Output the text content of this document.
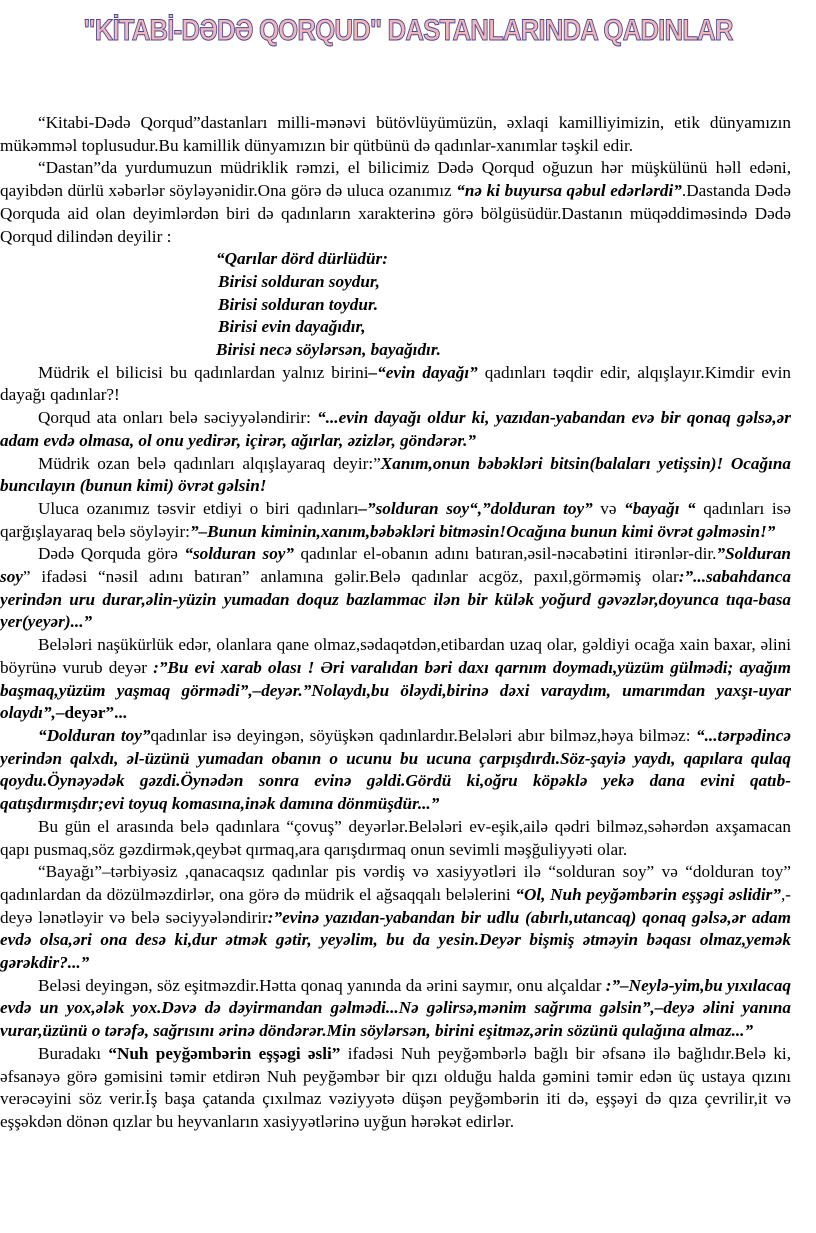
"KİTABİ-DƏDƏ QORQUD" DASTANLARINDA QADINLAR

“Kitabi-Dədə Qorqud”dastanları milli-mənəvi bütövlüyümüzün, əxlaqi kamilliyimizin, etik dünyamızın mükəmməl toplusudur.Bu kamillik dünyamızın bir qütbünü də qadınlar-xanımlar təşkil edir.

“Dastan”da yurdumuzun müdriklik rəmzi, el bilicimiz Dədə Qorqud oğuzun hər müşkülünü həll edəni, qayibdən dürlü xəbərlər söyləyənidir.Ona görə də uluca ozanımız “nə ki buyursa qəbul edərlərdi”.Dastanda Dədə Qorquda aid olan deyimlərdən biri də qadınların xarakterinə görə bölgüsüdür.Dastanın müqəddiməsində Dədə Qorqud dilindən deyilir :

“Qarılar dörd dürlüdür:
Birisi solduran soydur,
Birisi solduran toydur.
Birisi evin dayağıdır,
Birisi necə söylərsən, bayağıdır.

Müdrik el bilicisi bu qadınlardan yalnız birini–“evin dayağı” qadınları təqdir edir, alqışlayır.Kimdir evin dayağı qadınlar?!

Qorqud ata onları belə səciyyələndirir: “...evin dayağı oldur ki, yazıdan-yabandan evə bir qonaq gəlsə,ər adam evdə olmasa, ol onu yedirər, içirər, ağırlar, əzizlər, göndərər.”

Müdrik ozan belə qadınları alqışlayaraq deyir:”Xanım,onun bəbəkləri bitsin(balaları yetişsin)! Ocağına buncılayın (bunun kimi) övrət gəlsin!

Uluca ozanımız təsvir etdiyi o biri qadınları–”solduran soy“,”dolduran toy” və “bayağı “ qadınları isə qarğışlayaraq belə söyləyir:”–Bunun kiminin,xanım,bəbəkləri bitməsin!Ocağına bunun kimi övrət gəlməsin!”

Dədə Qorquda görə “solduran soy” qadınlar el-obanın adını batıran,əsil-nəcabətini itirənlər-dir.”Solduran soy” ifadəsi “nəsil adını batıran” anlamına gəlir.Belə qadınlar acgöz, paxıl,görməmiş olar:”...sabahdanca yerindən uru durar,əlin-yüzin yumadan doquz bazlammac ilən bir külək yoğurd gəvəzlər,doyunca tıqa-basa yer(yeyər)...”

Belələri naşükürlük edər, olanlara qane olmaz,sədaqətdən,etibardan uzaq olar, gəldiyi ocağa xain baxar, əlini böyrünə vurub deyər :”Bu evi xarab olası ! Əri varalıdan bəri daxı qarnım doymadı,yüzüm gülmədi; ayağım başmaq,yüzüm yaşmaq görmədi”,–deyər.”Nolaydı,bu öləydi,birinə dəxi varaydım, umarımdan yaxşı-uyar olaydı”,–deyər”...

“Dolduran toy”qadınlar isə deyingən, söyüşkən qadınlardır.Belələri abır bilməz,həya bilməz: “...tərpədincə yerindən qalxdı, əl-üzünü yumadan obanın o ucunu bu ucuna çarpışdırdı.Söz-şayiə yaydı, qapılara qulaq qoydu.Öynəyədək gəzdi.Öynədən sonra evinə gəldi.Gördü ki,oğru köpəklə yekə dana evini qatıb-qatışdırmışdır;evi toyuq komasına,inək damına dönmüşdür...”

Bu gün el arasında belə qadınlara “çovuş” deyərlər.Belələri ev-eşik,ailə qədri bilməz,səhərdən axşamacan qapı pusmaq,söz gəzdirmək,qeybət qırmaq,ara qarışdırmaq onun sevimli məşğuliyyəti olar.

“Bayağı”–tərbiyəsiz ,qanacaqsız qadınlar pis vərdiş və xasiyyətləri ilə “solduran soy” və “dolduran toy” qadınlardan da dözülməzdirlər, ona görə də müdrik el ağsaqqalı beləlerini “Ol, Nuh peyğəmbərin eşşəgi əslidir”,-deyə lənətləyir və belə səciyyələndirir:”evinə yazıdan-yabandan bir udlu (abırlı,utancaq) qonaq gəlsə,ər adam evdə olsa,əri ona desə ki,dur ətmək gətir, yeyəlim, bu da yesin.Deyər bişmiş ətməyin bəqası olmaz,yemək gərəkdir?...”

Beləsi deyingən, söz eşitməzdir.Hətta qonaq yanında da ərini saymır, onu alçaldar :”–Neylə-yim,bu yıxılacaq evdə un yox,ələk yox.Dəvə də dəyirmandan gəlmədi...Nə gəlirsə,mənim sağrıma gəlsin”,–deyə əlini yanına vurar,üzünü o tərəfə, sağrısını ərinə döndərər.Min söylərsən, birini eşitməz,ərin sözünü qulağına almaz...”

Buradakı “Nuh peyğəmbərin eşşəgi əsli” ifadəsi Nuh peyğəmbərlə bağlı bir əfsanə ilə bağlıdır.Belə ki, əfsanəyə görə gəmisini təmir etdirən Nuh peyğəmbər bir qızı olduğu halda gəmini təmir edən üç ustaya qızını verəcəyini söz verir.İş başa çatanda çıxılmaz vəziyyətə düşən peyğəmbərin iti də, eşşəyi də qıza çevrilir,it və eşşəkdən dönən qızlar bu heyvanların xasiyyətlərinə uyğun hərəkət edirlər.
